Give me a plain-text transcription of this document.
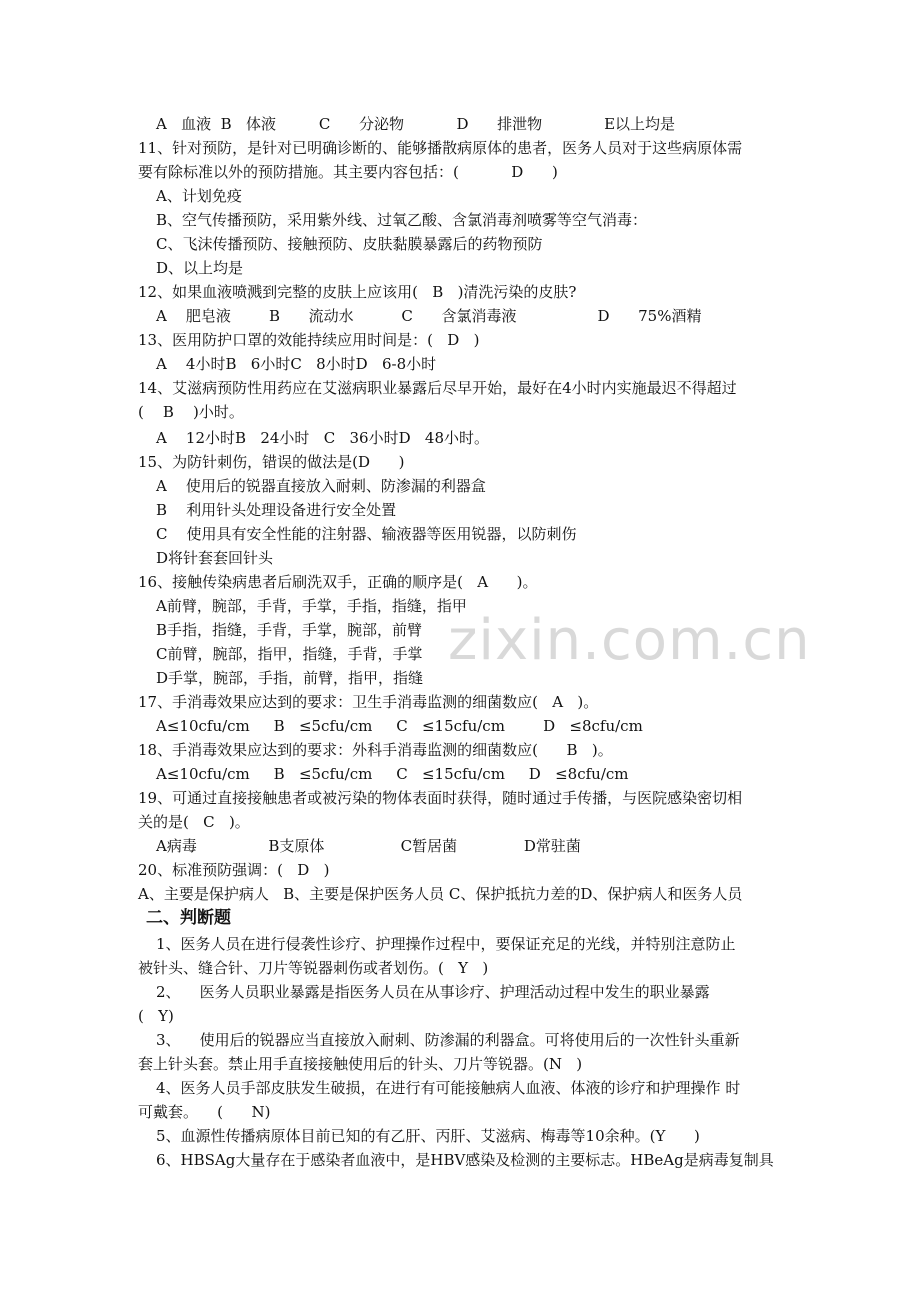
zixin.com.cn
A   血液  B   体液         C      分泌物           D      排泄物             E以上均是
11、针对预防，是针对已明确诊断的、能够播散病原体的患者，医务人员对于这些病原体需
要有除标准以外的预防措施。其主要内容包括：(           D      )
A、计划免疫
B、空气传播预防，采用紫外线、过氧乙酸、含氯消毒剂喷雾等空气消毒：
C、飞沫传播预防、接触预防、皮肤黏膜暴露后的药物预防
D、以上均是
12、如果血液喷溅到完整的皮肤上应该用(   B   )清洗污染的皮肤?
A    肥皂液        B      流动水          C      含氯消毒液                 D      75%酒精
13、医用防护口罩的效能持续应用时间是：(   D   )
A    4小时B   6小时C   8小时D   6-8小时
14、艾滋病预防性用药应在艾滋病职业暴露后尽早开始，最好在4小时内实施最迟不得超过
(    B    )小时。
A    12小时B   24小时   C   36小时D   48小时。
15、为防针刺伤，错误的做法是(D      )
A    使用后的锐器直接放入耐刺、防渗漏的利器盒
B    利用针头处理设备进行安全处置
C    使用具有安全性能的注射器、输液器等医用锐器，以防刺伤
D将针套套回针头
16、接触传染病患者后刷洗双手，正确的顺序是(   A      )。
A前臂，腕部，手背，手掌，手指，指缝，指甲
B手指，指缝，手背，手掌，腕部，前臂
C前臂，腕部，指甲，指缝，手背，手掌
D手掌，腕部，手指，前臂，指甲，指缝
17、手消毒效果应达到的要求：卫生手消毒监测的细菌数应(   A   )。
A≤10cfu/cm     B   ≤5cfu/cm     C   ≤15cfu/cm        D   ≤8cfu/cm
18、手消毒效果应达到的要求：外科手消毒监测的细菌数应(      B   )。
A≤10cfu/cm     B   ≤5cfu/cm     C   ≤15cfu/cm     D   ≤8cfu/cm
19、可通过直接接触患者或被污染的物体表面时获得，随时通过手传播，与医院感染密切相
关的是(   C   )。
A病毒               B支原体                C暂居菌              D常驻菌
20、标准预防强调：(   D   )
A、主要是保护病人   B、主要是保护医务人员 C、保护抵抗力差的D、保护病人和医务人员
二、判断题
1、医务人员在进行侵袭性诊疗、护理操作过程中，要保证充足的光线，并特别注意防止
被针头、缝合针、刀片等锐器刺伤或者划伤。(   Y   )
2、    医务人员职业暴露是指医务人员在从事诊疗、护理活动过程中发生的职业暴露
(   Y)
3、    使用后的锐器应当直接放入耐刺、防渗漏的利器盒。可将使用后的一次性针头重新
套上针头套。禁止用手直接接触使用后的针头、刀片等锐器。(N   )
4、医务人员手部皮肤发生破损，在进行有可能接触病人血液、体液的诊疗和护理操作 时
可戴套。    (      N)
5、血源性传播病原体目前已知的有乙肝、丙肝、艾滋病、梅毒等10余种。(Y      )
6、HBSAg大量存在于感染者血液中，是HBV感染及检测的主要标志。HBeAg是病毒复制具
